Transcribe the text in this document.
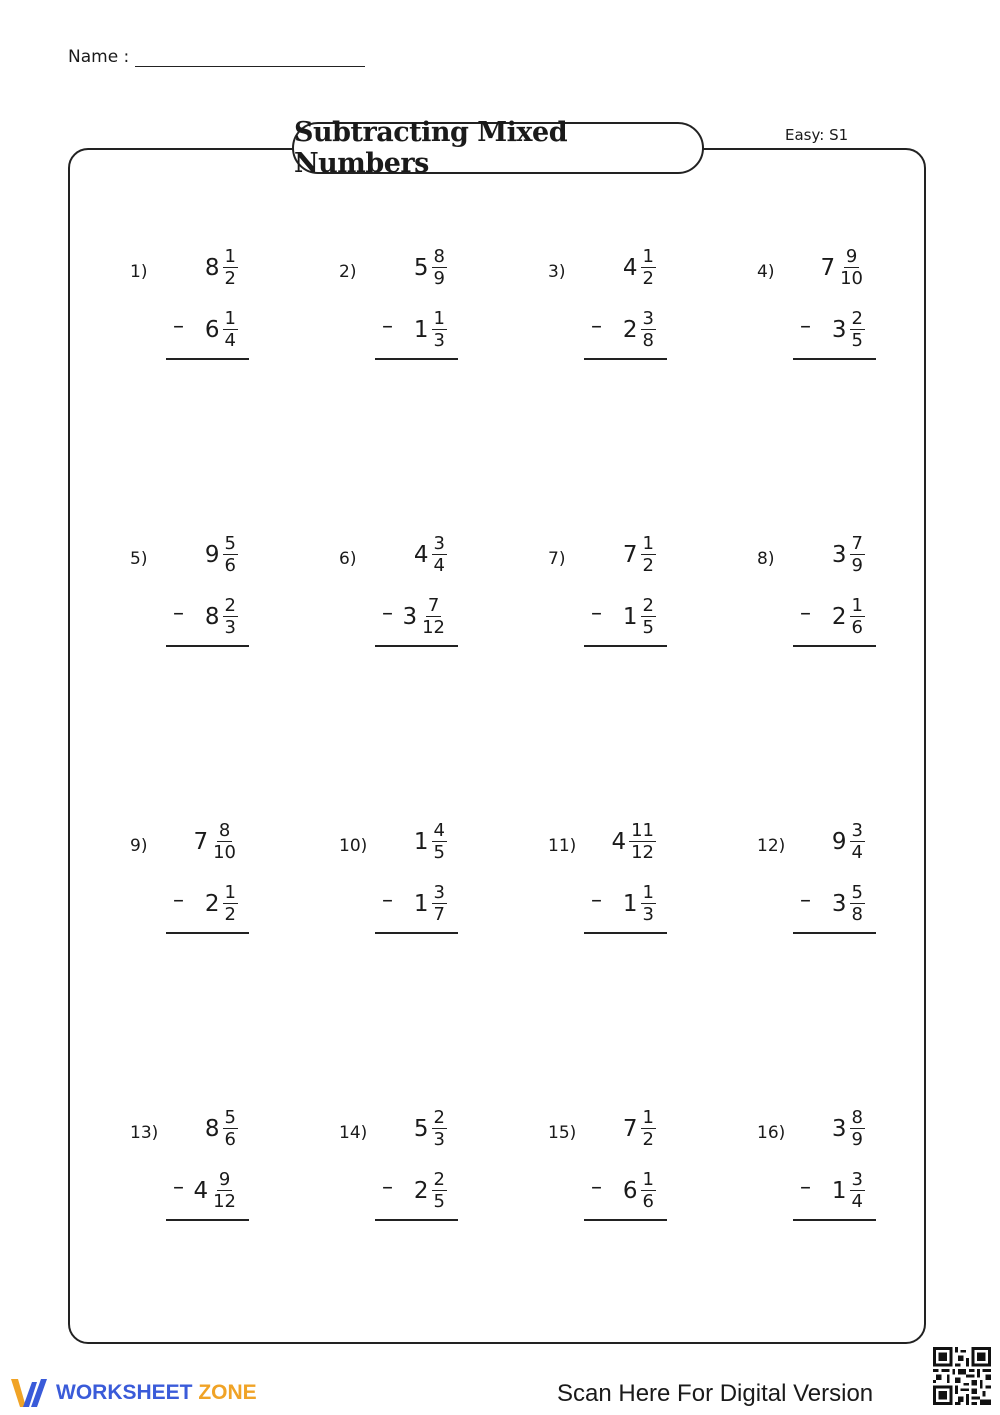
Name :
Subtracting Mixed Numbers
Easy: S1
1) $8 \frac{1}{2}$
– $6 \frac{1}{4}$
2) $5 \frac{8}{9}$
– $1 \frac{1}{3}$
3) $4 \frac{1}{2}$
– $2 \frac{3}{8}$
4) $7 \frac{9}{10}$
– $3 \frac{2}{5}$
5) $9 \frac{5}{6}$
– $8 \frac{2}{3}$
6) $4 \frac{3}{4}$
– $3 \frac{7}{12}$
7) $7 \frac{1}{2}$
– $1 \frac{2}{5}$
8) $3 \frac{7}{9}$
– $2 \frac{1}{6}$
9) $7 \frac{8}{10}$
– $2 \frac{1}{2}$
10) $1 \frac{4}{5}$
– $1 \frac{3}{7}$
11) $4 \frac{11}{12}$
– $1 \frac{1}{3}$
12) $9 \frac{3}{4}$
– $3 \frac{5}{8}$
13) $8 \frac{5}{6}$
– $4 \frac{9}{12}$
14) $5 \frac{2}{3}$
– $2 \frac{2}{5}$
15) $7 \frac{1}{2}$
– $6 \frac{1}{6}$
16) $3 \frac{8}{9}$
– $1 \frac{3}{4}$
WORKSHEET ZONE	Scan Here For Digital Version
